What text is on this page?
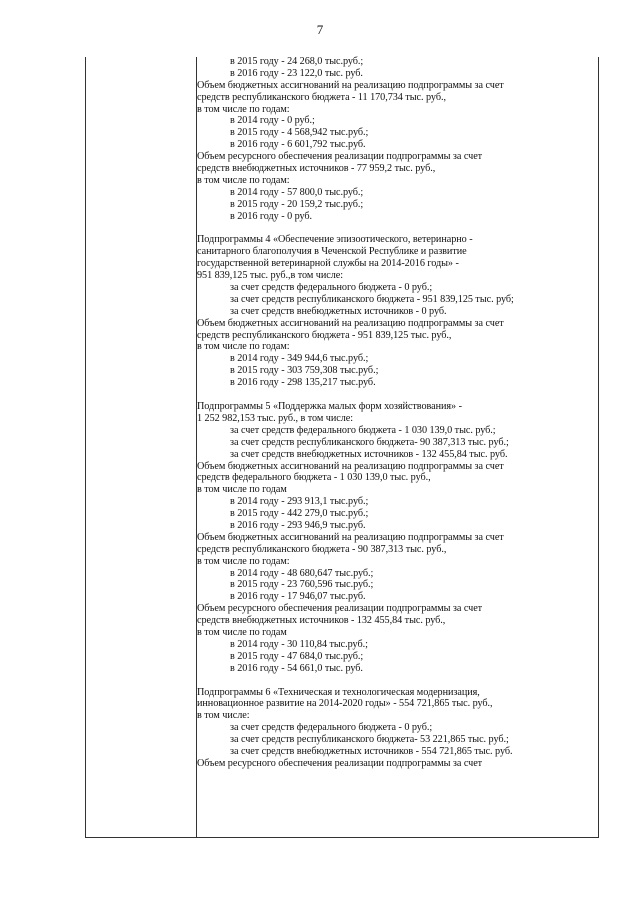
7
в 2015 году - 24 268,0 тыс.руб.;
в 2016 году - 23 122,0 тыс. руб.
Объем бюджетных ассигнований на реализацию подпрограммы за счет
средств республиканского бюджета - 11 170,734 тыс. руб.,
в том числе по годам:
в 2014 году - 0 руб.;
в 2015 году - 4 568,942 тыс.руб.;
в 2016 году - 6 601,792 тыс.руб.
Объем ресурсного обеспечения реализации подпрограммы за счет
средств внебюджетных источников - 77 959,2 тыс. руб.,
в том числе по годам:
в 2014 году - 57 800,0 тыс.руб.;
в 2015 году - 20 159,2 тыс.руб.;
в 2016 году - 0 руб.
Подпрограммы 4 «Обеспечение эпизоотического, ветеринарно -
санитарного благополучия в Чеченской Республике и развитие
государственной ветеринарной службы на 2014-2016 годы» -
951 839,125 тыс. руб.,в том числе:
за счет средств федерального бюджета - 0 руб.;
за счет средств республиканского бюджета - 951 839,125 тыс. руб;
за счет средств внебюджетных источников - 0 руб.
Объем бюджетных ассигнований на реализацию подпрограммы за счет
средств республиканского бюджета - 951 839,125 тыс. руб.,
в том числе по годам:
в 2014 году - 349 944,6 тыс.руб.;
в 2015 году - 303 759,308 тыс.руб.;
в 2016 году - 298 135,217 тыс.руб.
Подпрограммы 5 «Поддержка малых форм хозяйствования» -
1 252 982,153 тыс. руб., в том числе:
за счет средств федерального бюджета - 1 030 139,0 тыс. руб.;
за счет средств республиканского бюджета- 90 387,313 тыс. руб.;
за счет средств внебюджетных источников - 132 455,84 тыс. руб.
Объем бюджетных ассигнований на реализацию подпрограммы за счет
средств федерального бюджета - 1 030 139,0 тыс. руб.,
в том числе по годам
в 2014 году - 293 913,1 тыс.руб.;
в 2015 году - 442 279,0 тыс.руб.;
в 2016 году - 293 946,9 тыс.руб.
Объем бюджетных ассигнований на реализацию подпрограммы за счет
средств республиканского бюджета - 90 387,313 тыс. руб.,
в том числе по годам:
в 2014 году - 48 680,647 тыс.руб.;
в 2015 году - 23 760,596 тыс.руб.;
в 2016 году - 17 946,07 тыс.руб.
Объем ресурсного обеспечения реализации подпрограммы за счет
средств внебюджетных источников - 132 455,84 тыс. руб.,
в том числе по годам
в 2014 году - 30 110,84 тыс.руб.;
в 2015 году - 47 684,0 тыс.руб.;
в 2016 году - 54 661,0 тыс. руб.
Подпрограммы 6 «Техническая и технологическая модернизация,
инновационное развитие на 2014-2020 годы» - 554 721,865 тыс. руб.,
в том числе:
за счет средств федерального бюджета - 0 руб.;
за счет средств республиканского бюджета- 53 221,865 тыс. руб.;
за счет средств внебюджетных источников - 554 721,865 тыс. руб.
Объем ресурсного обеспечения реализации подпрограммы за счет
